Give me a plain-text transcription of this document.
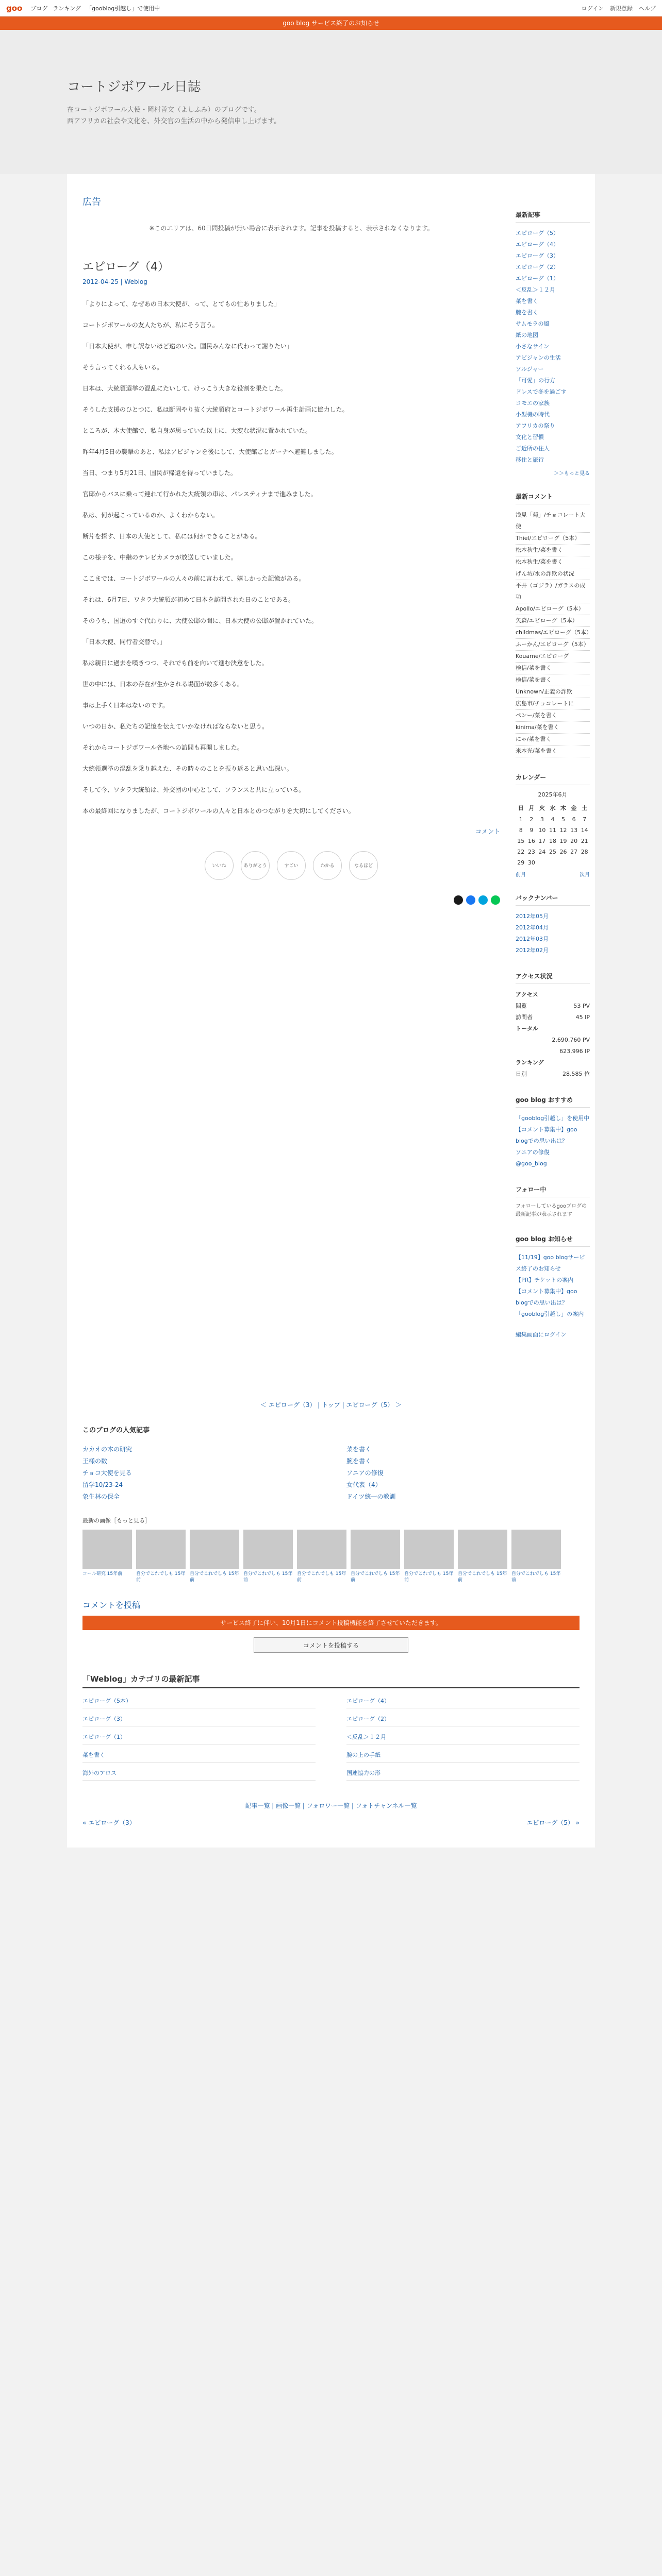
goo ブログ ランキング 「gooblog引越し」で使用中	ログイン 新規登録 ヘルプ
goo blog サービス終了のお知らせ
コートジボワール日誌

在コートジボワール大使・岡村善文（よしふみ）のブログです。

西アフリカの社会や文化を、外交官の生活の中から発信申し上げます。

広告
※このエリアは、60日間投稿が無い場合に表示されます。記事を投稿すると、表示されなくなります。
エピローグ（4）
2012-04-25 | Weblog

「よりによって、なぜあの日本大使が、って、とてもの忙ありました」

コートジボワールの友人たちが、私にそう言う。

「日本大使が、申し訳ないほど遠のいた。国民みんなに代わって謝りたい」

そう言ってくれる人もいる。

日本は、大統領選挙の混乱にたいして、けっこう大きな役割を果たした。

そうした支援のひとつに、私は断固やり抜く大統領府とコートジボワール再生計画に協力した。

ところが、本大使館で、私自身が思っていた以上に、大変な状況に置かれていた。

昨年4月5日の襲撃のあと、私はアビジャンを後にして、大使館ごとガーナへ避難しました。

当日、つまり5月21日、国民が帰還を待っていました。

官邸からバスに乗って連れて行かれた大統領の車は、パレスティナまで進みました。

私は、何が起こっているのか、よくわからない。

断片を探す、日本の大使として、私には何かできることがある。

この様子を、中継のテレビカメラが放送していました。

ここまでは、コートジボワールの人々の前に言われて、嬉しかった記憶がある。

それは、6月7日、ワタラ大統領が初めて日本を訪問された日のことである。

そのうち、国道のすぐ代わりに、大使公邸の間に、日本大使の公邸が置かれていた。

「日本大使、同行者交替で。」

私は親日に過去を嘆きつつ、それでも前を向いて進む決意をした。

世の中には、日本の存在が生かされる場面が数多くある。

事は上手く日本はないのです。

いつの日か、私たちの記憶を伝えていかなければならないと思う。

それからコートジボワール各地への訪問も再開しました。

大統領選挙の混乱を乗り越えた、その時々のことを振り返ると思い出深い。

そして今、ワタラ大統領は、外交団の中心として、フランスと共に立っている。

本の最終回になりましたが、コートジボワールの人々と日本とのつながりを大切にしてください。

コメント
いいね	ありがとう	すごい	わかる	なるほど
最新記事
エピローグ（5）
エピローグ（4）
エピローグ（3）
エピローグ（2）
エピローグ（1）
＜反乱＞１２月
菜を書く
腕を書く
サムモラの風
紙の地図
小さなサイン
アビジャンの生活
ソルジャー
「可愛」の行方
ドレスで冬を過ごす
コモエの家族
小型機の時代
アフリカの祭り
文化と習慣
ご近所の住人
移住と旅行
＞＞もっと見る
最新コメント
浅見「菊」/チョコレート大使
Thiel/エピローグ（5本）
松本秋生/菜を書く
松本秋生/菜を書く
げん坊/水の詐欺の状況
平井（ゴジラ）/ガラスの成功
Apollo/エピローグ（5本）
矢森/エピローグ（5本）
childmas/エピローグ（5本）
ふーかん/エピローグ（5本）
Kouame/エピローグ
検信/菜を書く
検信/菜を書く
Unknown/正義の詐欺
広島市/チョコレートに
ペンー/菜を書く
kinima/菜を書く
にゃ/菜を書く
米本光/菜を書く
カレンダー
2025年6月
日	月	火	水	木	金	土
1	2	3	4	5	6	7
8	9	10	11	12	13	14
15	16	17	18	19	20	21
22	23	24	25	26	27	28
29	30					
前月	次月
バックナンバー
2012年05月
2012年04月
2012年03月
2012年02月
アクセス状況
アクセス
閲覧	53 PV
訪問者	45 IP
トータル
2,690,760 PV
623,996 IP
ランキング
日別	28,585 位
goo blog おすすめ
「gooblog引越し」を使用中
【コメント募集中】goo blogでの思い出は？
ソニアの修復
@goo_blog
フォロー中
フォローしているgooブログの最新記事が表示されます
goo blog お知らせ
【11/19】goo blogサービス終了のお知らせ
【PR】チケットの案内
【コメント募集中】goo blogでの思い出は？
「gooblog引越し」の案内
編集画面にログイン
＜ エピローグ（3） | トップ | エピローグ（5） ＞
このブログの人気記事
カカオの木の研究	菜を書く
王様の数	腕を書く
チョコ大使を見る	ソニアの修復
留学10/23-24	女代表（4）
象生林の保全	ドイツ統一の教訓
最新の画像［もっと見る］
コール研究 15年前	自分でこれでしも 15年前
自分でこれでしも 15年前
自分でこれでしも 15年前
自分でこれでしも 15年前
自分でこれでしも 15年前
自分でこれでしも 15年前
自分でこれでしも 15年前
自分でこれでしも 15年前
コメントを投稿
サービス終了に伴い、10月1日にコメント投稿機能を終了させていただきます。
コメントを投稿する
「Weblog」カテゴリの最新記事
エピローグ（5本）	エピローグ（4）
エピローグ（3）	エピローグ（2）
エピローグ（1）	＜反乱＞１２月
菜を書く	腕の上の手紙
海外のアロス	国連協力の形
記事一覧 | 画像一覧 | フォロワー一覧 | フォトチャンネル一覧
« エピローグ（3）	エピローグ（5） »
